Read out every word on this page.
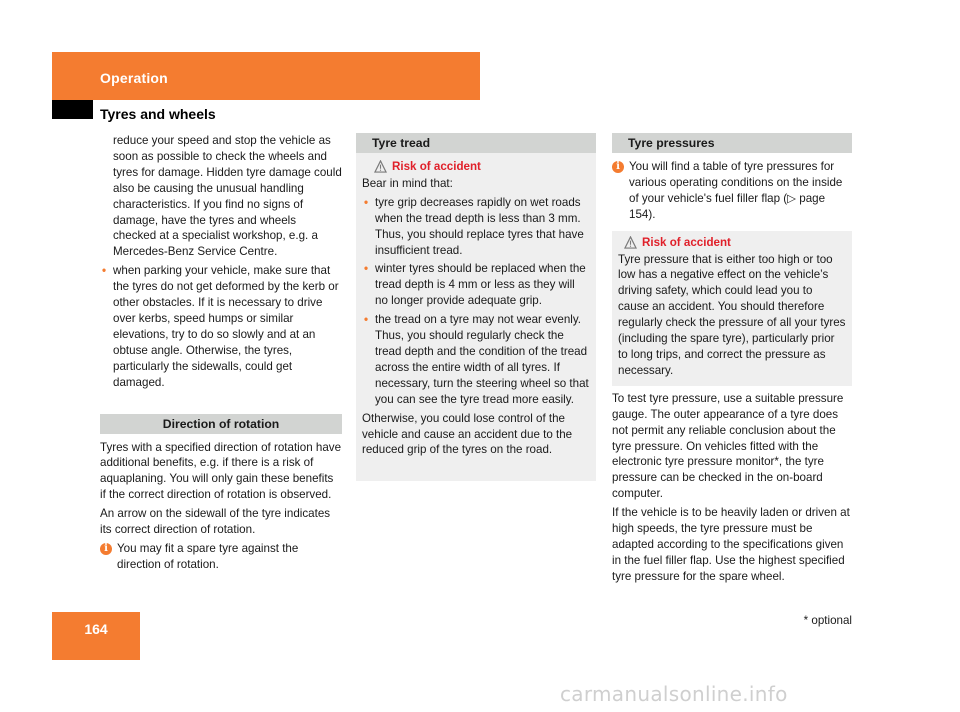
Operation
Tyres and wheels

reduce your speed and stop the vehicle as soon as possible to check the wheels and tyres for damage. Hidden tyre damage could also be causing the unusual handling characteristics. If you find no signs of damage, have the tyres and wheels checked at a specialist workshop, e.g. a Mercedes-Benz Service Centre.

• when parking your vehicle, make sure that the tyres do not get deformed by the kerb or other obstacles. If it is necessary to drive over kerbs, speed humps or similar elevations, try to do so slowly and at an obtuse angle. Otherwise, the tyres, particularly the sidewalls, could get damaged.
Direction of rotation

Tyres with a specified direction of rotation have additional benefits, e.g. if there is a risk of aquaplaning. You will only gain these benefits if the correct direction of rotation is observed.

An arrow on the sidewall of the tyre indicates its correct direction of rotation.

i You may fit a spare tyre against the direction of rotation.
Tyre tread
Risk of accident

Bear in mind that:

• tyre grip decreases rapidly on wet roads when the tread depth is less than 3 mm. Thus, you should replace tyres that have insufficient tread.
• winter tyres should be replaced when the tread depth is 4 mm or less as they will no longer provide adequate grip.
• the tread on a tyre may not wear evenly. Thus, you should regularly check the tread depth and the condition of the tread across the entire width of all tyres. If necessary, turn the steering wheel so that you can see the tyre tread more easily.

Otherwise, you could lose control of the vehicle and cause an accident due to the reduced grip of the tyres on the road.

Tyre pressures
i You will find a table of tyre pressures for various operating conditions on the inside of your vehicle's fuel filler flap (▷ page 154).
Risk of accident

Tyre pressure that is either too high or too low has a negative effect on the vehicle’s driving safety, which could lead you to cause an accident. You should therefore regularly check the pressure of all your tyres (including the spare tyre), particularly prior to long trips, and correct the pressure as necessary.

To test tyre pressure, use a suitable pressure gauge. The outer appearance of a tyre does not permit any reliable conclusion about the tyre pressure. On vehicles fitted with the electronic tyre pressure monitor*, the tyre pressure can be checked in the on-board computer.

If the vehicle is to be heavily laden or driven at high speeds, the tyre pressure must be adapted according to the specifications given in the fuel filler flap. Use the highest specified tyre pressure for the spare wheel.

164
* optional
carmanualsonline.info
